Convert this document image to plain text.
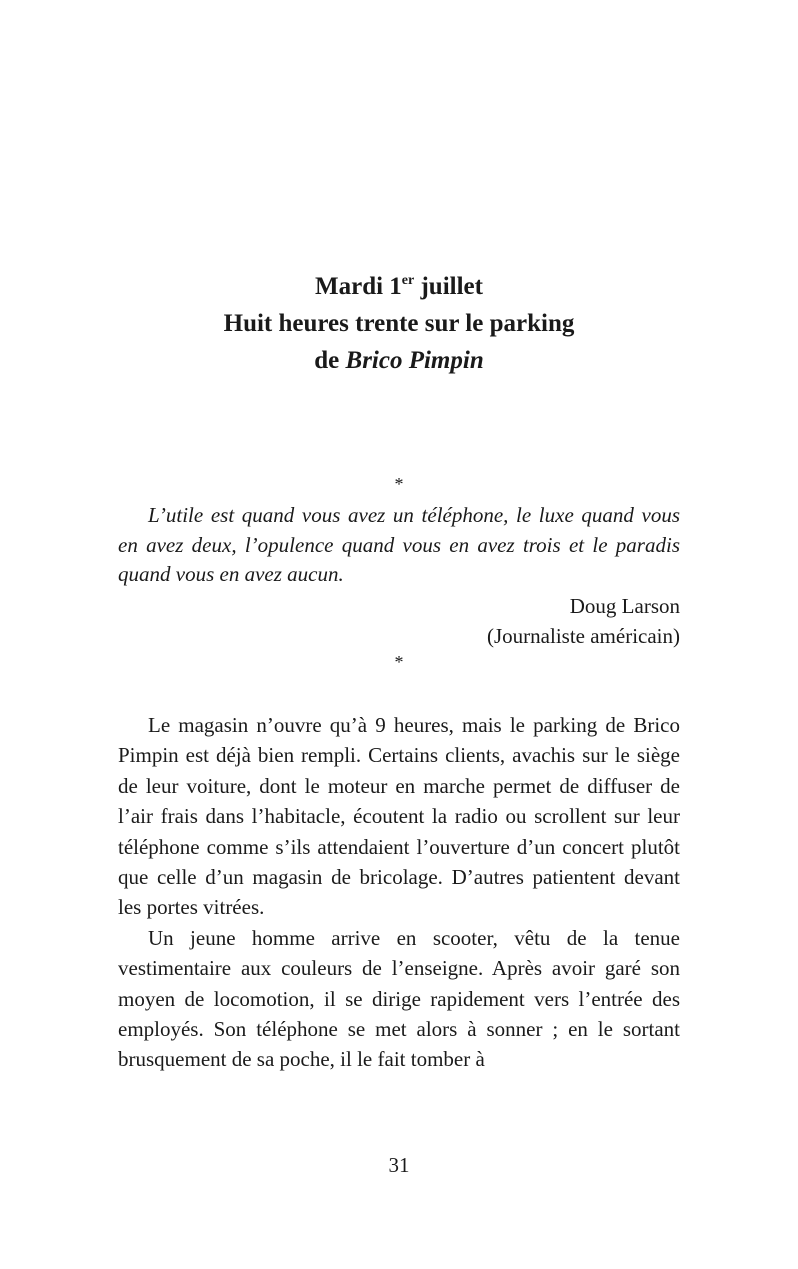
Mardi 1er juillet
Huit heures trente sur le parking
de Brico Pimpin
*

L’utile est quand vous avez un téléphone, le luxe quand vous en avez deux, l’opulence quand vous en avez trois et le paradis quand vous en avez aucun.

Doug Larson
(Journaliste américain)
*

Le magasin n’ouvre qu’à 9 heures, mais le parking de Brico Pimpin est déjà bien rempli. Certains clients, avachis sur le siège de leur voiture, dont le moteur en marche permet de diffuser de l’air frais dans l’habitacle, écoutent la radio ou scrollent sur leur téléphone comme s’ils attendaient l’ouverture d’un concert plutôt que celle d’un magasin de bricolage. D’autres patientent devant les portes vitrées.

Un jeune homme arrive en scooter, vêtu de la tenue vestimentaire aux couleurs de l’enseigne. Après avoir garé son moyen de locomotion, il se dirige rapidement vers l’entrée des employés. Son téléphone se met alors à sonner ; en le sortant brusquement de sa poche, il le fait tomber à

31
